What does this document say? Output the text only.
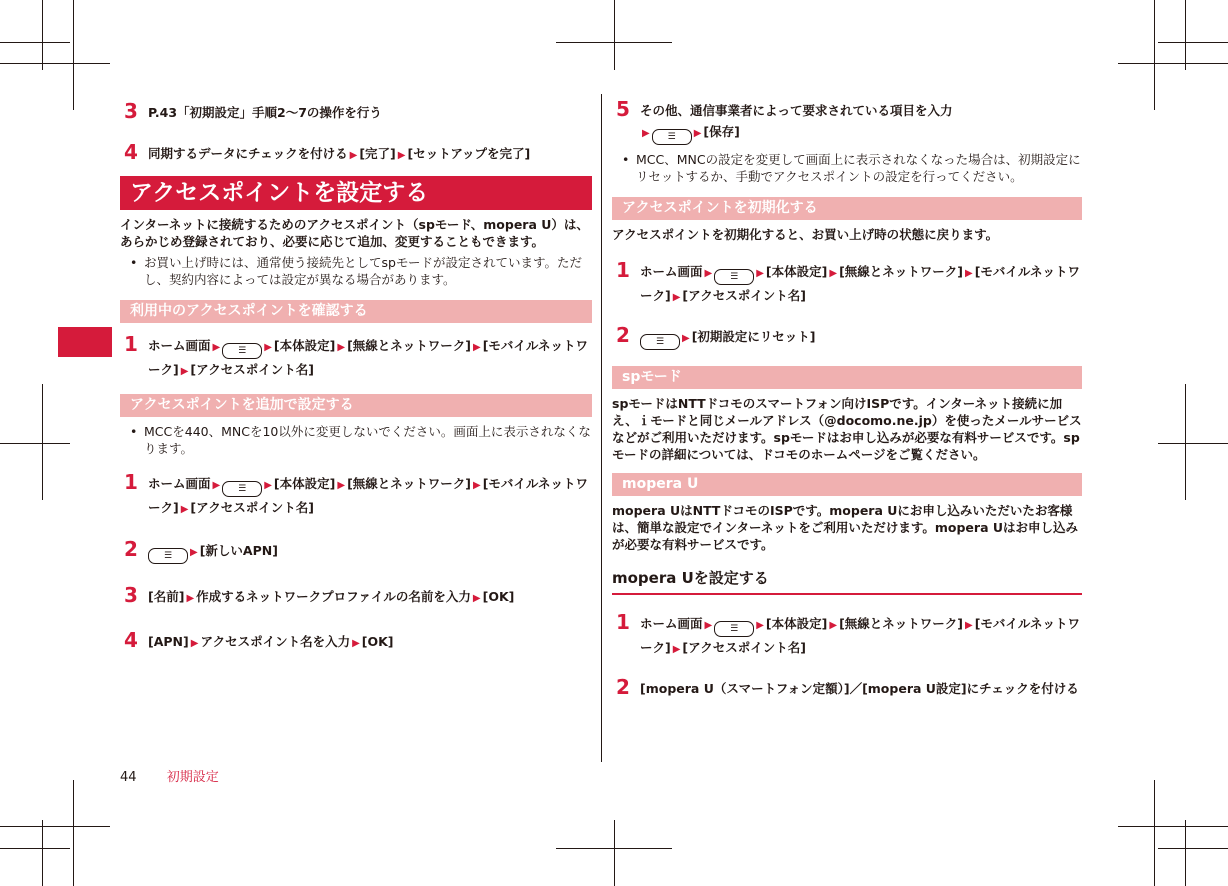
3 P.43「初期設定」手順2〜7の操作を行う
4 同期するデータにチェックを付ける ▶ [完了] ▶ [セットアップを完了]
アクセスポイントを設定する
インターネットに接続するためのアクセスポイント（spモード、mopera U）は、あらかじめ登録されており、必要に応じて追加、変更することもできます。
• お買い上げ時には、通常使う接続先としてspモードが設定されています。ただし、契約内容によっては設定が異なる場合があります。
利用中のアクセスポイントを確認する
1 ホーム画面 ▶ ☰ ▶ [本体設定] ▶ [無線とネットワーク] ▶ [モバイルネットワーク] ▶ [アクセスポイント名]
アクセスポイントを追加で設定する
• MCCを440、MNCを10以外に変更しないでください。画面上に表示されなくなります。
1 ホーム画面 ▶ ☰ ▶ [本体設定] ▶ [無線とネットワーク] ▶ [モバイルネットワーク] ▶ [アクセスポイント名]
2	☰ ▶ [新しいAPN]
3 [名前] ▶ 作成するネットワークプロファイルの名前を入力 ▶ [OK]
4 [APN] ▶ アクセスポイント名を入力 ▶ [OK]
5 その他、通信事業者によって要求されている項目を入力
▶ ☰ ▶ [保存]
• MCC、MNCの設定を変更して画面上に表示されなくなった場合は、初期設定にリセットするか、手動でアクセスポイントの設定を行ってください。
アクセスポイントを初期化する
アクセスポイントを初期化すると、お買い上げ時の状態に戻ります。
1 ホーム画面 ▶ ☰ ▶ [本体設定] ▶ [無線とネットワーク] ▶ [モバイルネットワーク] ▶ [アクセスポイント名]
2	☰ ▶ [初期設定にリセット]
spモード
spモードはNTTドコモのスマートフォン向けISPです。インターネット接続に加え、ｉモードと同じメールアドレス（@docomo.ne.jp）を使ったメールサービスなどがご利用いただけます。spモードはお申し込みが必要な有料サービスです。spモードの詳細については、ドコモのホームページをご覧ください。
mopera U
mopera UはNTTドコモのISPです。mopera Uにお申し込みいただいたお客様は、簡単な設定でインターネットをご利用いただけます。mopera Uはお申し込みが必要な有料サービスです。
mopera Uを設定する
1 ホーム画面 ▶ ☰ ▶ [本体設定] ▶ [無線とネットワーク] ▶ [モバイルネットワーク] ▶ [アクセスポイント名]
2 [mopera U（スマートフォン定額）]／[mopera U設定]にチェックを付ける
44 初期設定
